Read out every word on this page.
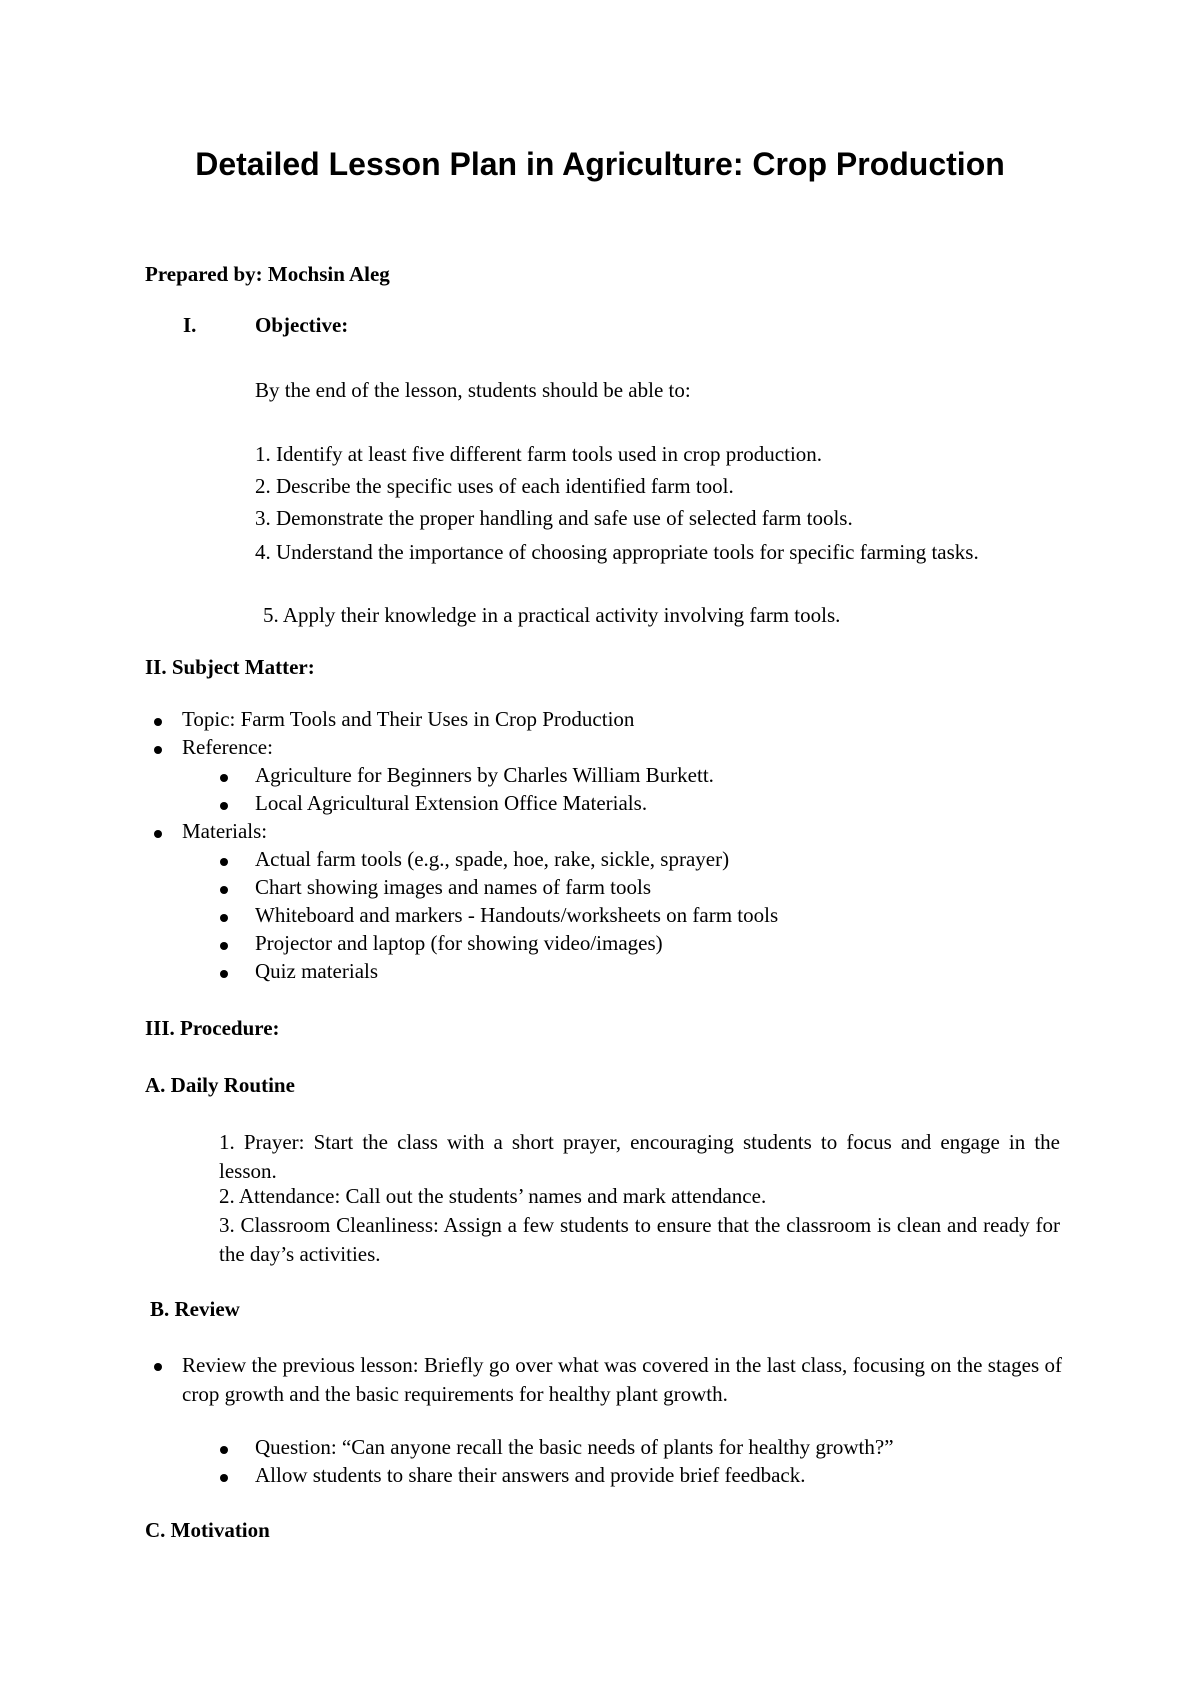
Detailed Lesson Plan in Agriculture: Crop Production
Prepared by: Mochsin Aleg
I.	Objective:
By the end of the lesson, students should be able to:
1. Identify at least five different farm tools used in crop production.
2. Describe the specific uses of each identified farm tool.
3. Demonstrate the proper handling and safe use of selected farm tools.
4. Understand the importance of choosing appropriate tools for specific farming tasks.
5. Apply their knowledge in a practical activity involving farm tools.
II. Subject Matter:
Topic: Farm Tools and Their Uses in Crop Production
Reference:
Agriculture for Beginners by Charles William Burkett.
Local Agricultural Extension Office Materials.
Materials:
Actual farm tools (e.g., spade, hoe, rake, sickle, sprayer)
Chart showing images and names of farm tools
Whiteboard and markers - Handouts/worksheets on farm tools
Projector and laptop (for showing video/images)
Quiz materials
III. Procedure:
A. Daily Routine
1. Prayer: Start the class with a short prayer, encouraging students to focus and engage in the lesson.
2. Attendance: Call out the students’ names and mark attendance.
3. Classroom Cleanliness: Assign a few students to ensure that the classroom is clean and ready for the day’s activities.
B. Review
Review the previous lesson: Briefly go over what was covered in the last class, focusing on the stages of crop growth and the basic requirements for healthy plant growth.
Question: “Can anyone recall the basic needs of plants for healthy growth?”
Allow students to share their answers and provide brief feedback.
C. Motivation
